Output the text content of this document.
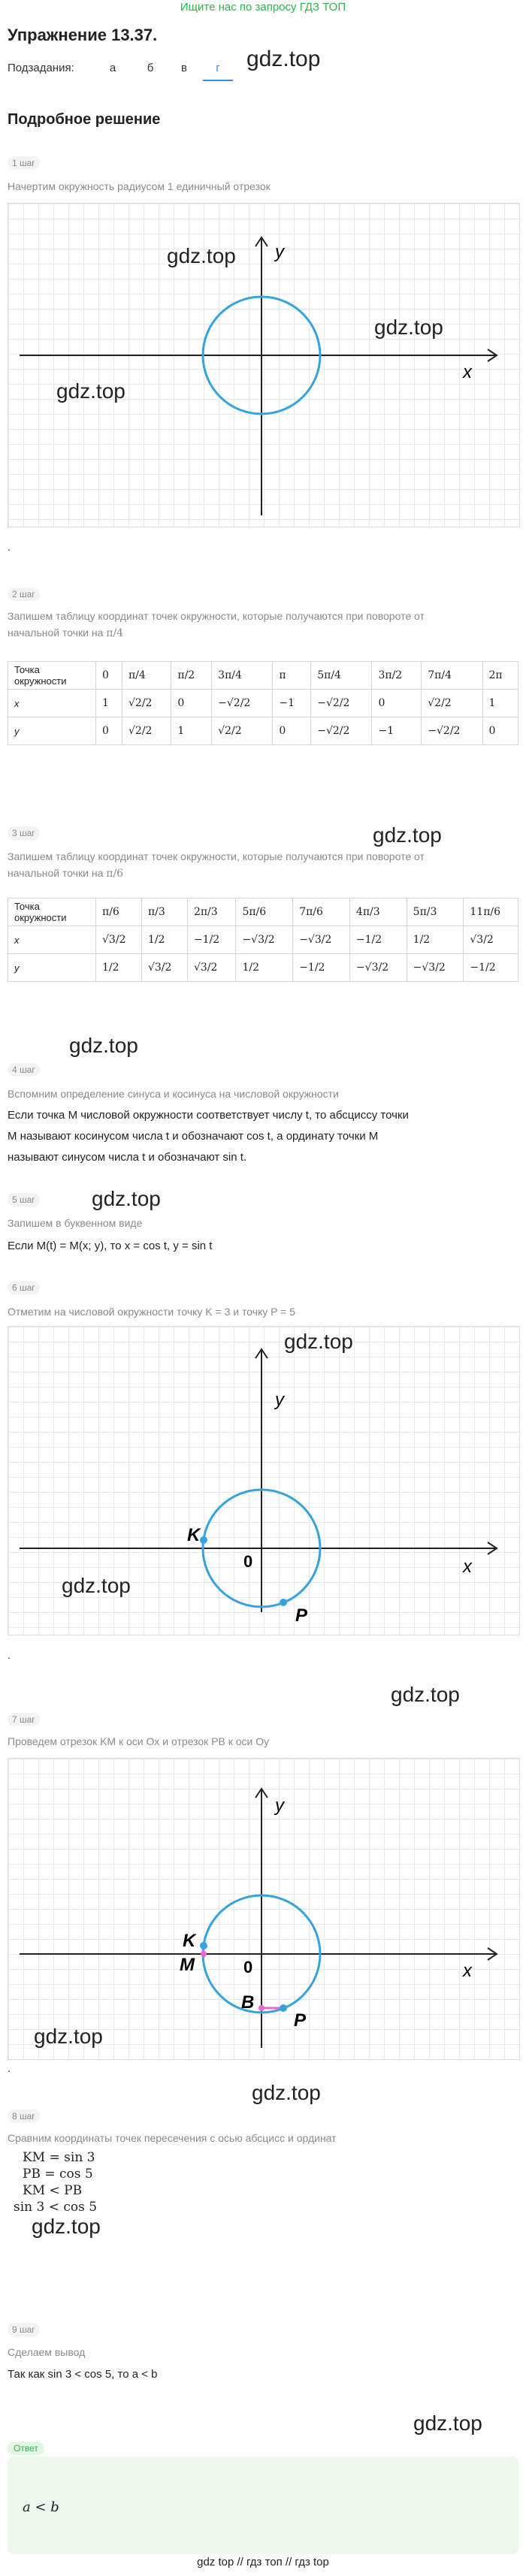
Ищите нас по запросу ГДЗ ТОП
Упражнение 13.37.
Подзадания:	а	б	в	г	gdz.top
Подробное решение
1 шаг
Начертим окружность радиусом 1 единичный отрезок
x
y
gdz.top
gdz.top
gdz.top
.
2 шаг
Запишем таблицу координат точек окружности, которые получаются при повороте от
начальной точки на π/4
Точка окружности	0	π/4	π/2	3π/4	π	5π/4	3π/2	7π/4	2π
x	1	√2/2	0	−√2/2	−1	−√2/2	0	√2/2	1
y	0	√2/2	1	√2/2	0	−√2/2	−1	−√2/2	0
gdz.top
3 шаг
Запишем таблицу координат точек окружности, которые получаются при повороте от
начальной точки на π/6
Точка окружности	π/6	π/3	2π/3	5π/6	7π/6	4π/3	5π/3	11π/6
x	√3/2	1/2	−1/2	−√3/2	−√3/2	−1/2	1/2	√3/2
y	1/2	√3/2	√3/2	1/2	−1/2	−√3/2	−√3/2	−1/2
gdz.top
4 шаг
Вспомним определение синуса и косинуса на числовой окружности
Если точка M числовой окружности соответствует числу t, то абсциссу точки
M называют косинусом числа t и обозначают cos t, а ординату точки M
называют синусом числа t и обозначают sin t.
gdz.top
5 шаг
Запишем в буквенном виде
Если M(t) = M(x; y), то x = cos t, y = sin t
6 шаг
Отметим на числовой окружности точку K = 3 и точку P = 5
K
P
0	x
y
gdz.top
gdz.top
.
gdz.top
7 шаг
Проведем отрезок KM к оси Ox и отрезок PB к оси Oy
K
M
B
P
0	x
y
gdz.top
.
gdz.top
8 шаг
Сравним координаты точек пересечения с осью абсцисс и ординат
KM = sin 3
PB = cos 5
KM < PB
sin 3 < cos 5
gdz.top
9 шаг
Сделаем вывод
Так как sin 3 < cos 5, то a < b
gdz.top
Ответ
a < b
gdz top // гдз топ // гдз top
